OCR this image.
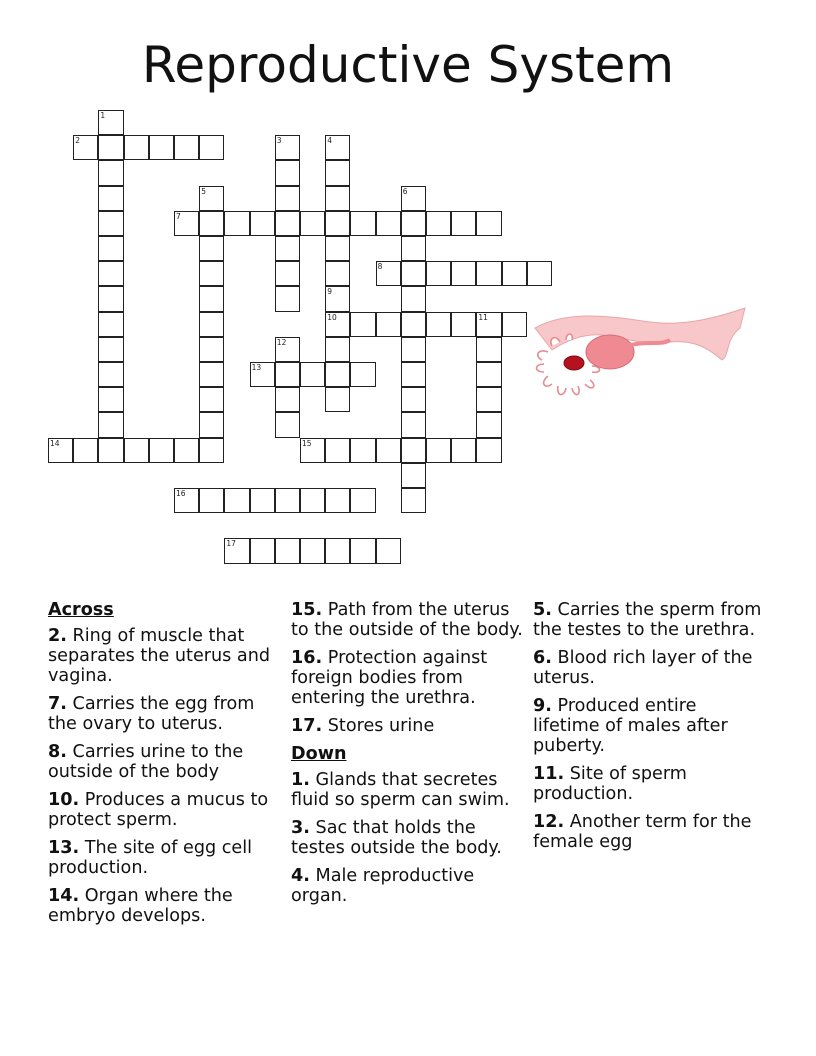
Reproductive System
1
2	3	4
5	6
7
8
9
10	11
12
13
14	15
16
17
Across
2. Ring of muscle that separates the uterus and vagina.
7. Carries the egg from the ovary to uterus.
8. Carries urine to the outside of the body
10. Produces a mucus to protect sperm.
13. The site of egg cell production.
14. Organ where the embryo develops.
15. Path from the uterus to the outside of the body.
16. Protection against foreign bodies from entering the urethra.
17. Stores urine
Down
1. Glands that secretes fluid so sperm can swim.
3. Sac that holds the testes outside the body.
4. Male reproductive organ.
5. Carries the sperm from the testes to the urethra.
6. Blood rich layer of the uterus.
9. Produced entire lifetime of males after puberty.
11. Site of sperm production.
12. Another term for the female egg
